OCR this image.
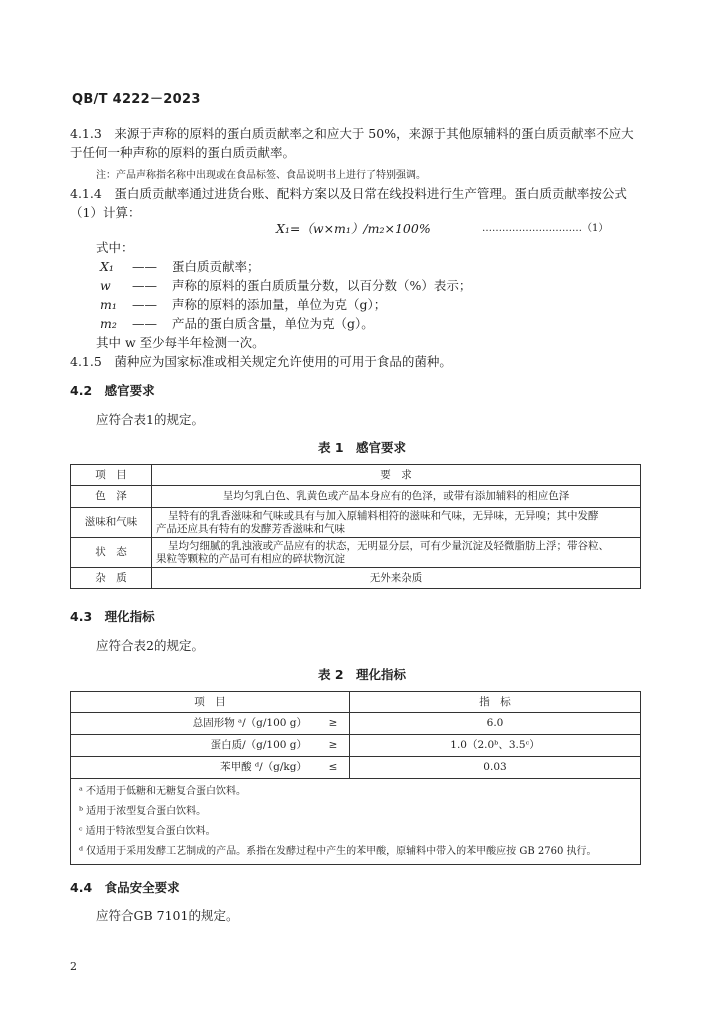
QB/T 4222－2023
4.1.3　 来源于声称的原料的蛋白质贡献率之和应大于 50%，来源于其他原辅料的蛋白质贡献率不应大
于任何一种声称的原料的蛋白质贡献率。
注：产品声称指名称中出现或在食品标签、食品说明书上进行了特别强调。
4.1.4　 蛋白质贡献率通过进货台账、配料方案以及日常在线投料进行生产管理。蛋白质贡献率按公式
（1）计算：
X₁=（w×m₁）/m₂×100%	…………………………（1）
式中：
X₁ —— 蛋白质贡献率；
w —— 声称的原料的蛋白质质量分数，以百分数（%）表示；
m₁ —— 声称的原料的添加量，单位为克（g）；
m₂ —— 产品的蛋白质含量，单位为克（g）。
其中 w 至少每半年检测一次。
4.1.5　 菌种应为国家标准或相关规定允许使用的可用于食品的菌种。
4.2　 感官要求
应符合表1的规定。
表 1　感官要求
项　目	要　求
色　泽	呈均匀乳白色、乳黄色或产品本身应有的色泽，或带有添加辅料的相应色泽

滋味和气味	呈特有的乳香滋味和气味或具有与加入原辅料相符的滋味和气味，无异味，无异嗅；其中发酵
产品还应具有特有的发酵芳香滋味和气味

状　态	呈均匀细腻的乳浊液或产品应有的状态，无明显分层，可有少量沉淀及轻微脂肪上浮；带谷粒、
果粒等颗粒的产品可有相应的碎状物沉淀

杂　质	无外来杂质
4.3　 理化指标
应符合表2的规定。
表 2　理化指标
项　目		指　标
总固形物 ᵃ/（g/100 g）	≥	6.0
蛋白质/（g/100 g）	≥	1.0（2.0ᵇ、3.5ᶜ）
苯甲酸 ᵈ/（g/kg）	≤	0.03

ᵃ 不适用于低糖和无糖复合蛋白饮料。
ᵇ 适用于浓型复合蛋白饮料。
ᶜ 适用于特浓型复合蛋白饮料。
ᵈ 仅适用于采用发酵工艺制成的产品。系指在发酵过程中产生的苯甲酸，原辅料中带入的苯甲酸应按 GB 2760 执行。		
4.4　 食品安全要求
应符合GB 7101的规定。
2
